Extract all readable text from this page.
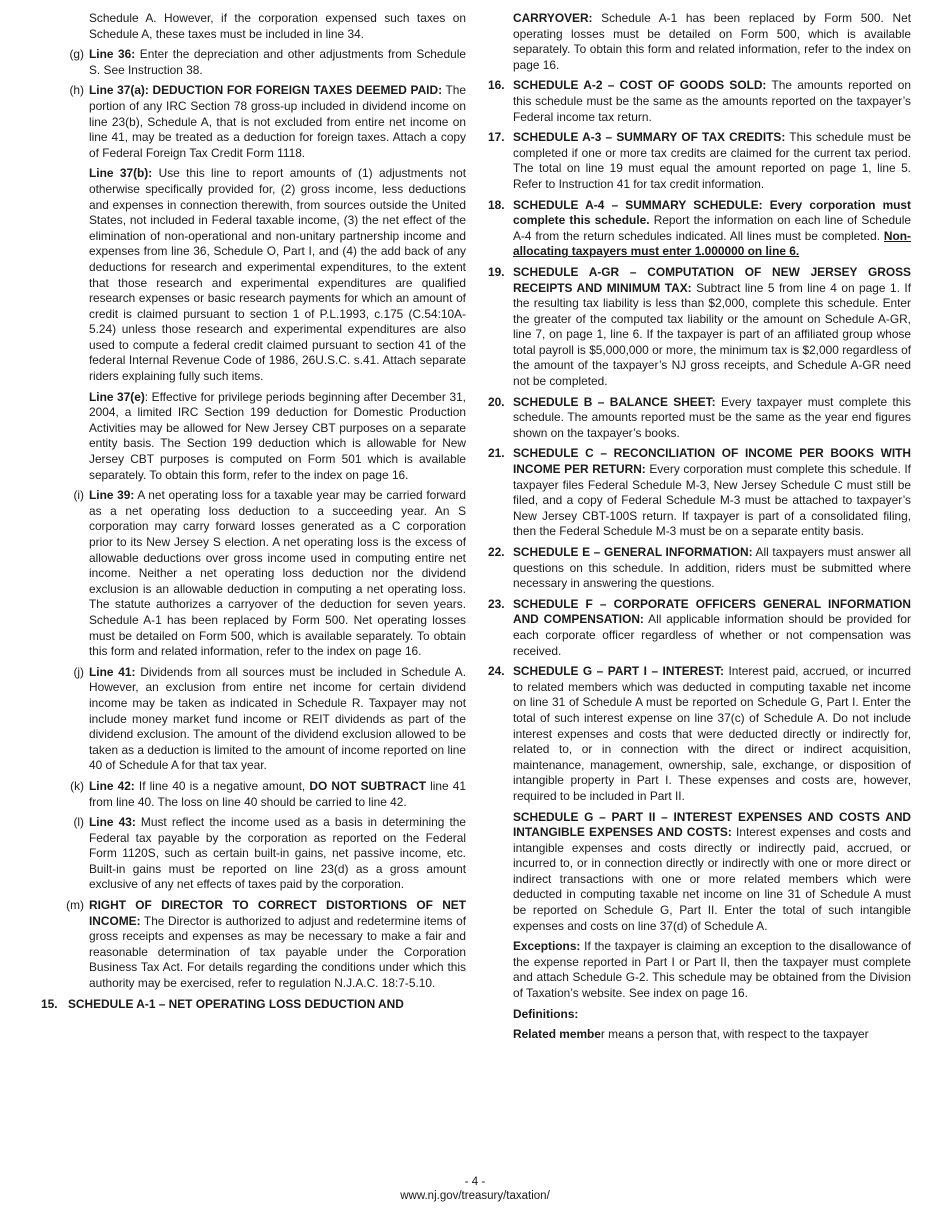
Schedule A. However, if the corporation expensed such taxes on Schedule A, these taxes must be included in line 34.

(g) Line 36: Enter the depreciation and other adjustments from Schedule S. See Instruction 38.
(h) Line 37(a): DEDUCTION FOR FOREIGN TAXES DEEMED PAID: The portion of any IRC Section 78 gross-up included in dividend income on line 23(b), Schedule A, that is not excluded from entire net income on line 41, may be treated as a deduction for foreign taxes. Attach a copy of Federal Foreign Tax Credit Form 1118.

Line 37(b): Use this line to report amounts of (1) adjustments not otherwise specifically provided for, (2) gross income, less deductions and expenses in connection therewith, from sources outside the United States, not included in Federal taxable income, (3) the net effect of the elimination of non-operational and non-unitary partnership income and expenses from line 36, Schedule O, Part I, and (4) the add back of any deductions for research and experimental expenditures, to the extent that those research and experimental expenditures are qualified research expenses or basic research payments for which an amount of credit is claimed pursuant to section 1 of P.L.1993, c.175 (C.54:10A-5.24) unless those research and experimental expenditures are also used to compute a federal credit claimed pursuant to section 41 of the federal Internal Revenue Code of 1986, 26U.S.C. s.41. Attach separate riders explaining fully such items.

Line 37(e): Effective for privilege periods beginning after December 31, 2004, a limited IRC Section 199 deduction for Domestic Production Activities may be allowed for New Jersey CBT purposes on a separate entity basis. The Section 199 deduction which is allowable for New Jersey CBT purposes is computed on Form 501 which is available separately. To obtain this form, refer to the index on page 16.

(i) Line 39: A net operating loss for a taxable year may be carried forward as a net operating loss deduction to a succeeding year. An S corporation may carry forward losses generated as a C corporation prior to its New Jersey S election. A net operating loss is the excess of allowable deductions over gross income used in computing entire net income. Neither a net operating loss deduction nor the dividend exclusion is an allowable deduction in computing a net operating loss. The statute authorizes a carryover of the deduction for seven years. Schedule A-1 has been replaced by Form 500. Net operating losses must be detailed on Form 500, which is available separately. To obtain this form and related information, refer to the index on page 16.
(j) Line 41: Dividends from all sources must be included in Schedule A. However, an exclusion from entire net income for certain dividend income may be taken as indicated in Schedule R. Taxpayer may not include money market fund income or REIT dividends as part of the dividend exclusion. The amount of the dividend exclusion allowed to be taken as a deduction is limited to the amount of income reported on line 40 of Schedule A for that tax year.
(k) Line 42: If line 40 is a negative amount, DO NOT SUBTRACT line 41 from line 40. The loss on line 40 should be carried to line 42.
(l) Line 43: Must reflect the income used as a basis in determining the Federal tax payable by the corporation as reported on the Federal Form 1120S, such as certain built-in gains, net passive income, etc. Built-in gains must be reported on line 23(d) as a gross amount exclusive of any net effects of taxes paid by the corporation.
(m) RIGHT OF DIRECTOR TO CORRECT DISTORTIONS OF NET INCOME: The Director is authorized to adjust and redetermine items of gross receipts and expenses as may be necessary to make a fair and reasonable determination of tax payable under the Corporation Business Tax Act. For details regarding the conditions under which this authority may be exercised, refer to regulation N.J.A.C. 18:7-5.10.
15. SCHEDULE A-1 – NET OPERATING LOSS DEDUCTION AND

CARRYOVER: Schedule A-1 has been replaced by Form 500. Net operating losses must be detailed on Form 500, which is available separately. To obtain this form and related information, refer to the index on page 16.

16. SCHEDULE A-2 – COST OF GOODS SOLD: The amounts reported on this schedule must be the same as the amounts reported on the taxpayer’s Federal income tax return.
17. SCHEDULE A-3 – SUMMARY OF TAX CREDITS: This schedule must be completed if one or more tax credits are claimed for the current tax period. The total on line 19 must equal the amount reported on page 1, line 5. Refer to Instruction 41 for tax credit information.
18. SCHEDULE A-4 – SUMMARY SCHEDULE: Every corporation must complete this schedule. Report the information on each line of Schedule A-4 from the return schedules indicated. All lines must be completed. Non-allocating taxpayers must enter 1.000000 on line 6.
19. SCHEDULE A-GR – COMPUTATION OF NEW JERSEY GROSS RECEIPTS AND MINIMUM TAX: Subtract line 5 from line 4 on page 1. If the resulting tax liability is less than $2,000, complete this schedule. Enter the greater of the computed tax liability or the amount on Schedule A-GR, line 7, on page 1, line 6. If the taxpayer is part of an affiliated group whose total payroll is $5,000,000 or more, the minimum tax is $2,000 regardless of the amount of the taxpayer’s NJ gross receipts, and Schedule A-GR need not be completed.
20. SCHEDULE B – BALANCE SHEET: Every taxpayer must complete this schedule. The amounts reported must be the same as the year end figures shown on the taxpayer’s books.
21. SCHEDULE C – RECONCILIATION OF INCOME PER BOOKS WITH INCOME PER RETURN: Every corporation must complete this schedule. If taxpayer files Federal Schedule M-3, New Jersey Schedule C must still be filed, and a copy of Federal Schedule M-3 must be attached to taxpayer’s New Jersey CBT-100S return. If taxpayer is part of a consolidated filing, then the Federal Schedule M-3 must be on a separate entity basis.
22. SCHEDULE E – GENERAL INFORMATION: All taxpayers must answer all questions on this schedule. In addition, riders must be submitted where necessary in answering the questions.
23. SCHEDULE F – CORPORATE OFFICERS GENERAL INFORMATION AND COMPENSATION: All applicable information should be provided for each corporate officer regardless of whether or not compensation was received.
24. SCHEDULE G – PART I – INTEREST: Interest paid, accrued, or incurred to related members which was deducted in computing taxable net income on line 31 of Schedule A must be reported on Schedule G, Part I. Enter the total of such interest expense on line 37(c) of Schedule A. Do not include interest expenses and costs that were deducted directly or indirectly for, related to, or in connection with the direct or indirect acquisition, maintenance, management, ownership, sale, exchange, or disposition of intangible property in Part I. These expenses and costs are, however, required to be included in Part II.

SCHEDULE G – PART II – INTEREST EXPENSES AND COSTS AND INTANGIBLE EXPENSES AND COSTS: Interest expenses and costs and intangible expenses and costs directly or indirectly paid, accrued, or incurred to, or in connection directly or indirectly with one or more direct or indirect transactions with one or more related members which were deducted in computing taxable net income on line 31 of Schedule A must be reported on Schedule G, Part II. Enter the total of such intangible expenses and costs on line 37(d) of Schedule A.

Exceptions: If the taxpayer is claiming an exception to the disallowance of the expense reported in Part I or Part II, then the taxpayer must complete and attach Schedule G-2. This schedule may be obtained from the Division of Taxation’s website. See index on page 16.

Definitions:

Related member means a person that, with respect to the taxpayer

- 4 -
www.nj.gov/treasury/taxation/
